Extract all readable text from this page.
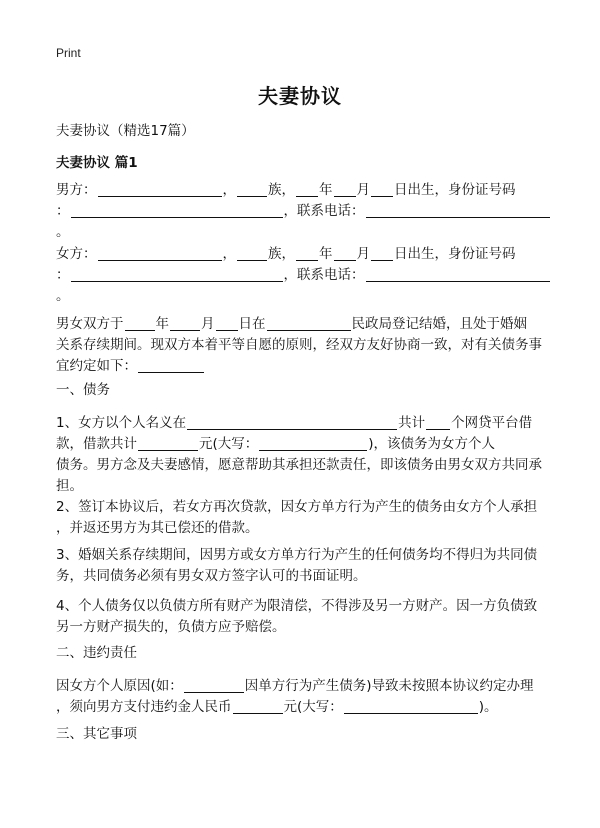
Print
夫妻协议
夫妻协议（精选17篇）
夫妻协议 篇1
男方：	， 族， 年 月 日出生，身份证号码
：	，联系电话：
。
女方：	， 族， 年 月 日出生，身份证号码
：	，联系电话：
。
男女双方于 年 月 日在	民政局登记结婚，且处于婚姻
关系存续期间。现双方本着平等自愿的原则，经双方友好协商一致，对有关债务事
宜约定如下：
一、债务
1、女方以个人名义在	共计 个网贷平台借
款，借款共计	元(大写：	)，该债务为女方个人
债务。男方念及夫妻感情，愿意帮助其承担还款责任，即该债务由男女双方共同承
担。
2、签订本协议后，若女方再次贷款，因女方单方行为产生的债务由女方个人承担
，并返还男方为其已偿还的借款。
3、婚姻关系存续期间，因男方或女方单方行为产生的任何债务均不得归为共同债
务，共同债务必须有男女双方签字认可的书面证明。
4、个人债务仅以负债方所有财产为限清偿，不得涉及另一方财产。因一方负债致
另一方财产损失的，负债方应予赔偿。
二、违约责任
因女方个人原因(如：	因单方行为产生债务)导致未按照本协议约定办理
，须向男方支付违约金人民币	元(大写：	)。
三、其它事项
